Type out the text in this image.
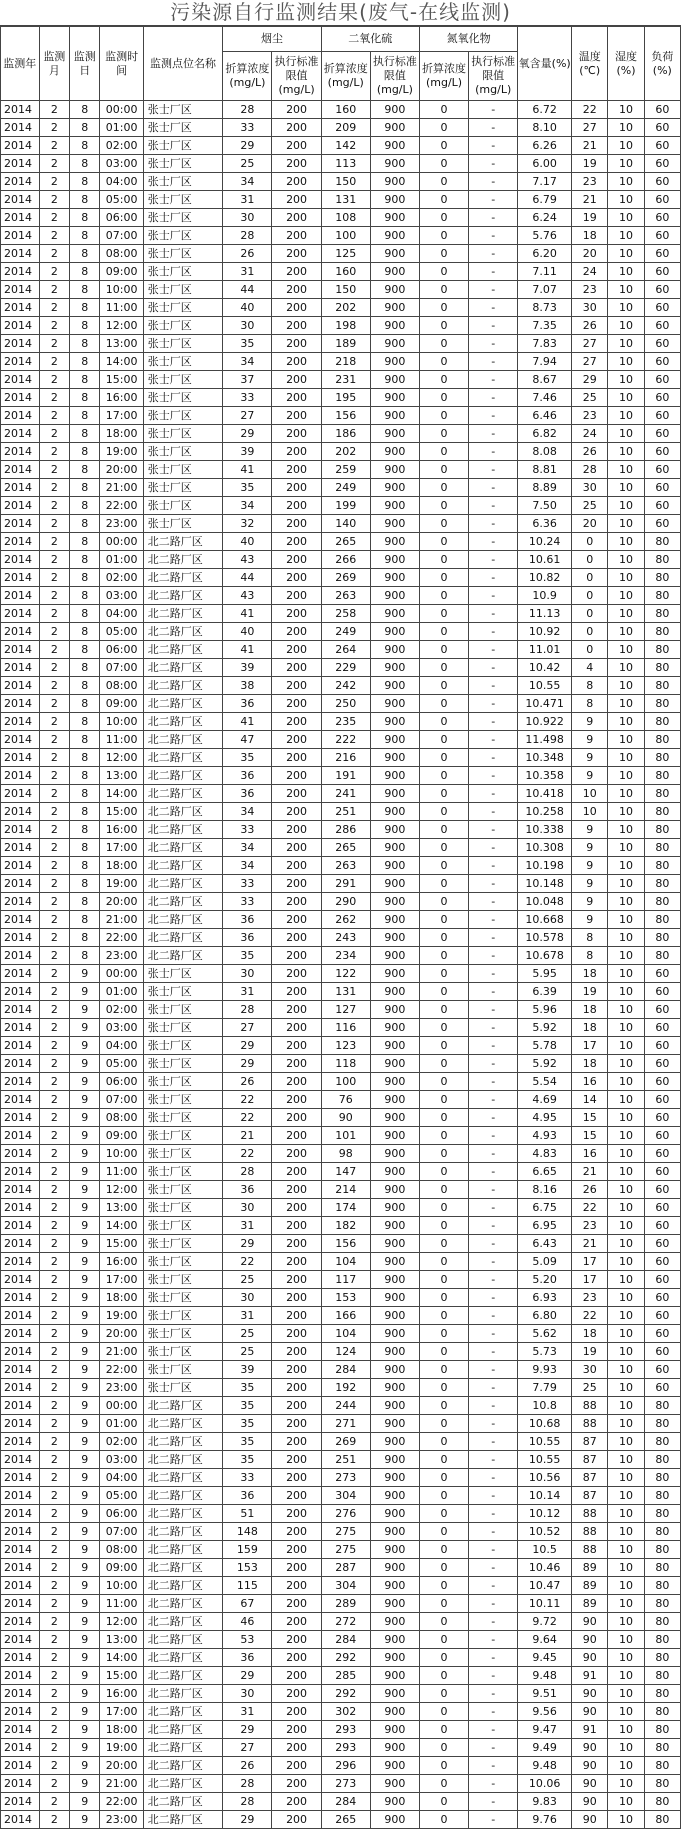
污染源自行监测结果(废气-在线监测)
监测年	监测月	监测日	监测时间	监测点位名称	烟尘		二氧化硫		氮氧化物		氧含量(%)	温度(℃)	湿度(%)	负荷(%)
					折算浓度(mg/L)	执行标准限值(mg/L)	折算浓度(mg/L)	执行标准限值(mg/L)	折算浓度(mg/L)	执行标准限值(mg/L)				
2014	2	8	00:00	张士厂区	28	200	160	900	0	-	6.72	22	10	60
2014	2	8	01:00	张士厂区	33	200	209	900	0	-	8.10	27	10	60
2014	2	8	02:00	张士厂区	29	200	142	900	0	-	6.26	21	10	60
2014	2	8	03:00	张士厂区	25	200	113	900	0	-	6.00	19	10	60
2014	2	8	04:00	张士厂区	34	200	150	900	0	-	7.17	23	10	60
2014	2	8	05:00	张士厂区	31	200	131	900	0	-	6.79	21	10	60
2014	2	8	06:00	张士厂区	30	200	108	900	0	-	6.24	19	10	60
2014	2	8	07:00	张士厂区	28	200	100	900	0	-	5.76	18	10	60
2014	2	8	08:00	张士厂区	26	200	125	900	0	-	6.20	20	10	60
2014	2	8	09:00	张士厂区	31	200	160	900	0	-	7.11	24	10	60
2014	2	8	10:00	张士厂区	44	200	150	900	0	-	7.07	23	10	60
2014	2	8	11:00	张士厂区	40	200	202	900	0	-	8.73	30	10	60
2014	2	8	12:00	张士厂区	30	200	198	900	0	-	7.35	26	10	60
2014	2	8	13:00	张士厂区	35	200	189	900	0	-	7.83	27	10	60
2014	2	8	14:00	张士厂区	34	200	218	900	0	-	7.94	27	10	60
2014	2	8	15:00	张士厂区	37	200	231	900	0	-	8.67	29	10	60
2014	2	8	16:00	张士厂区	33	200	195	900	0	-	7.46	25	10	60
2014	2	8	17:00	张士厂区	27	200	156	900	0	-	6.46	23	10	60
2014	2	8	18:00	张士厂区	29	200	186	900	0	-	6.82	24	10	60
2014	2	8	19:00	张士厂区	39	200	202	900	0	-	8.08	26	10	60
2014	2	8	20:00	张士厂区	41	200	259	900	0	-	8.81	28	10	60
2014	2	8	21:00	张士厂区	35	200	249	900	0	-	8.89	30	10	60
2014	2	8	22:00	张士厂区	34	200	199	900	0	-	7.50	25	10	60
2014	2	8	23:00	张士厂区	32	200	140	900	0	-	6.36	20	10	60
2014	2	8	00:00	北二路厂区	40	200	265	900	0	-	10.24	0	10	80
2014	2	8	01:00	北二路厂区	43	200	266	900	0	-	10.61	0	10	80
2014	2	8	02:00	北二路厂区	44	200	269	900	0	-	10.82	0	10	80
2014	2	8	03:00	北二路厂区	43	200	263	900	0	-	10.9	0	10	80
2014	2	8	04:00	北二路厂区	41	200	258	900	0	-	11.13	0	10	80
2014	2	8	05:00	北二路厂区	40	200	249	900	0	-	10.92	0	10	80
2014	2	8	06:00	北二路厂区	41	200	264	900	0	-	11.01	0	10	80
2014	2	8	07:00	北二路厂区	39	200	229	900	0	-	10.42	4	10	80
2014	2	8	08:00	北二路厂区	38	200	242	900	0	-	10.55	8	10	80
2014	2	8	09:00	北二路厂区	36	200	250	900	0	-	10.471	8	10	80
2014	2	8	10:00	北二路厂区	41	200	235	900	0	-	10.922	9	10	80
2014	2	8	11:00	北二路厂区	47	200	222	900	0	-	11.498	9	10	80
2014	2	8	12:00	北二路厂区	35	200	216	900	0	-	10.348	9	10	80
2014	2	8	13:00	北二路厂区	36	200	191	900	0	-	10.358	9	10	80
2014	2	8	14:00	北二路厂区	36	200	241	900	0	-	10.418	10	10	80
2014	2	8	15:00	北二路厂区	34	200	251	900	0	-	10.258	10	10	80
2014	2	8	16:00	北二路厂区	33	200	286	900	0	-	10.338	9	10	80
2014	2	8	17:00	北二路厂区	34	200	265	900	0	-	10.308	9	10	80
2014	2	8	18:00	北二路厂区	34	200	263	900	0	-	10.198	9	10	80
2014	2	8	19:00	北二路厂区	33	200	291	900	0	-	10.148	9	10	80
2014	2	8	20:00	北二路厂区	33	200	290	900	0	-	10.048	9	10	80
2014	2	8	21:00	北二路厂区	36	200	262	900	0	-	10.668	9	10	80
2014	2	8	22:00	北二路厂区	36	200	243	900	0	-	10.578	8	10	80
2014	2	8	23:00	北二路厂区	35	200	234	900	0	-	10.678	8	10	80
2014	2	9	00:00	张士厂区	30	200	122	900	0	-	5.95	18	10	60
2014	2	9	01:00	张士厂区	31	200	131	900	0	-	6.39	19	10	60
2014	2	9	02:00	张士厂区	28	200	127	900	0	-	5.96	18	10	60
2014	2	9	03:00	张士厂区	27	200	116	900	0	-	5.92	18	10	60
2014	2	9	04:00	张士厂区	29	200	123	900	0	-	5.78	17	10	60
2014	2	9	05:00	张士厂区	29	200	118	900	0	-	5.92	18	10	60
2014	2	9	06:00	张士厂区	26	200	100	900	0	-	5.54	16	10	60
2014	2	9	07:00	张士厂区	22	200	76	900	0	-	4.69	14	10	60
2014	2	9	08:00	张士厂区	22	200	90	900	0	-	4.95	15	10	60
2014	2	9	09:00	张士厂区	21	200	101	900	0	-	4.93	15	10	60
2014	2	9	10:00	张士厂区	22	200	98	900	0	-	4.83	16	10	60
2014	2	9	11:00	张士厂区	28	200	147	900	0	-	6.65	21	10	60
2014	2	9	12:00	张士厂区	36	200	214	900	0	-	8.16	26	10	60
2014	2	9	13:00	张士厂区	30	200	174	900	0	-	6.75	22	10	60
2014	2	9	14:00	张士厂区	31	200	182	900	0	-	6.95	23	10	60
2014	2	9	15:00	张士厂区	29	200	156	900	0	-	6.43	21	10	60
2014	2	9	16:00	张士厂区	22	200	104	900	0	-	5.09	17	10	60
2014	2	9	17:00	张士厂区	25	200	117	900	0	-	5.20	17	10	60
2014	2	9	18:00	张士厂区	30	200	153	900	0	-	6.93	23	10	60
2014	2	9	19:00	张士厂区	31	200	166	900	0	-	6.80	22	10	60
2014	2	9	20:00	张士厂区	25	200	104	900	0	-	5.62	18	10	60
2014	2	9	21:00	张士厂区	25	200	124	900	0	-	5.73	19	10	60
2014	2	9	22:00	张士厂区	39	200	284	900	0	-	9.93	30	10	60
2014	2	9	23:00	张士厂区	35	200	192	900	0	-	7.79	25	10	60
2014	2	9	00:00	北二路厂区	35	200	244	900	0	-	10.8	88	10	80
2014	2	9	01:00	北二路厂区	35	200	271	900	0	-	10.68	88	10	80
2014	2	9	02:00	北二路厂区	35	200	269	900	0	-	10.55	87	10	80
2014	2	9	03:00	北二路厂区	35	200	251	900	0	-	10.55	87	10	80
2014	2	9	04:00	北二路厂区	33	200	273	900	0	-	10.56	87	10	80
2014	2	9	05:00	北二路厂区	36	200	304	900	0	-	10.14	87	10	80
2014	2	9	06:00	北二路厂区	51	200	276	900	0	-	10.12	88	10	80
2014	2	9	07:00	北二路厂区	148	200	275	900	0	-	10.52	88	10	80
2014	2	9	08:00	北二路厂区	159	200	275	900	0	-	10.5	88	10	80
2014	2	9	09:00	北二路厂区	153	200	287	900	0	-	10.46	89	10	80
2014	2	9	10:00	北二路厂区	115	200	304	900	0	-	10.47	89	10	80
2014	2	9	11:00	北二路厂区	67	200	289	900	0	-	10.11	89	10	80
2014	2	9	12:00	北二路厂区	46	200	272	900	0	-	9.72	90	10	80
2014	2	9	13:00	北二路厂区	53	200	284	900	0	-	9.64	90	10	80
2014	2	9	14:00	北二路厂区	36	200	292	900	0	-	9.45	90	10	80
2014	2	9	15:00	北二路厂区	29	200	285	900	0	-	9.48	91	10	80
2014	2	9	16:00	北二路厂区	30	200	292	900	0	-	9.51	90	10	80
2014	2	9	17:00	北二路厂区	31	200	302	900	0	-	9.56	90	10	80
2014	2	9	18:00	北二路厂区	29	200	293	900	0	-	9.47	91	10	80
2014	2	9	19:00	北二路厂区	27	200	293	900	0	-	9.49	90	10	80
2014	2	9	20:00	北二路厂区	26	200	296	900	0	-	9.48	90	10	80
2014	2	9	21:00	北二路厂区	28	200	273	900	0	-	10.06	90	10	80
2014	2	9	22:00	北二路厂区	28	200	284	900	0	-	9.83	90	10	80
2014	2	9	23:00	北二路厂区	29	200	265	900	0	-	9.76	90	10	80
